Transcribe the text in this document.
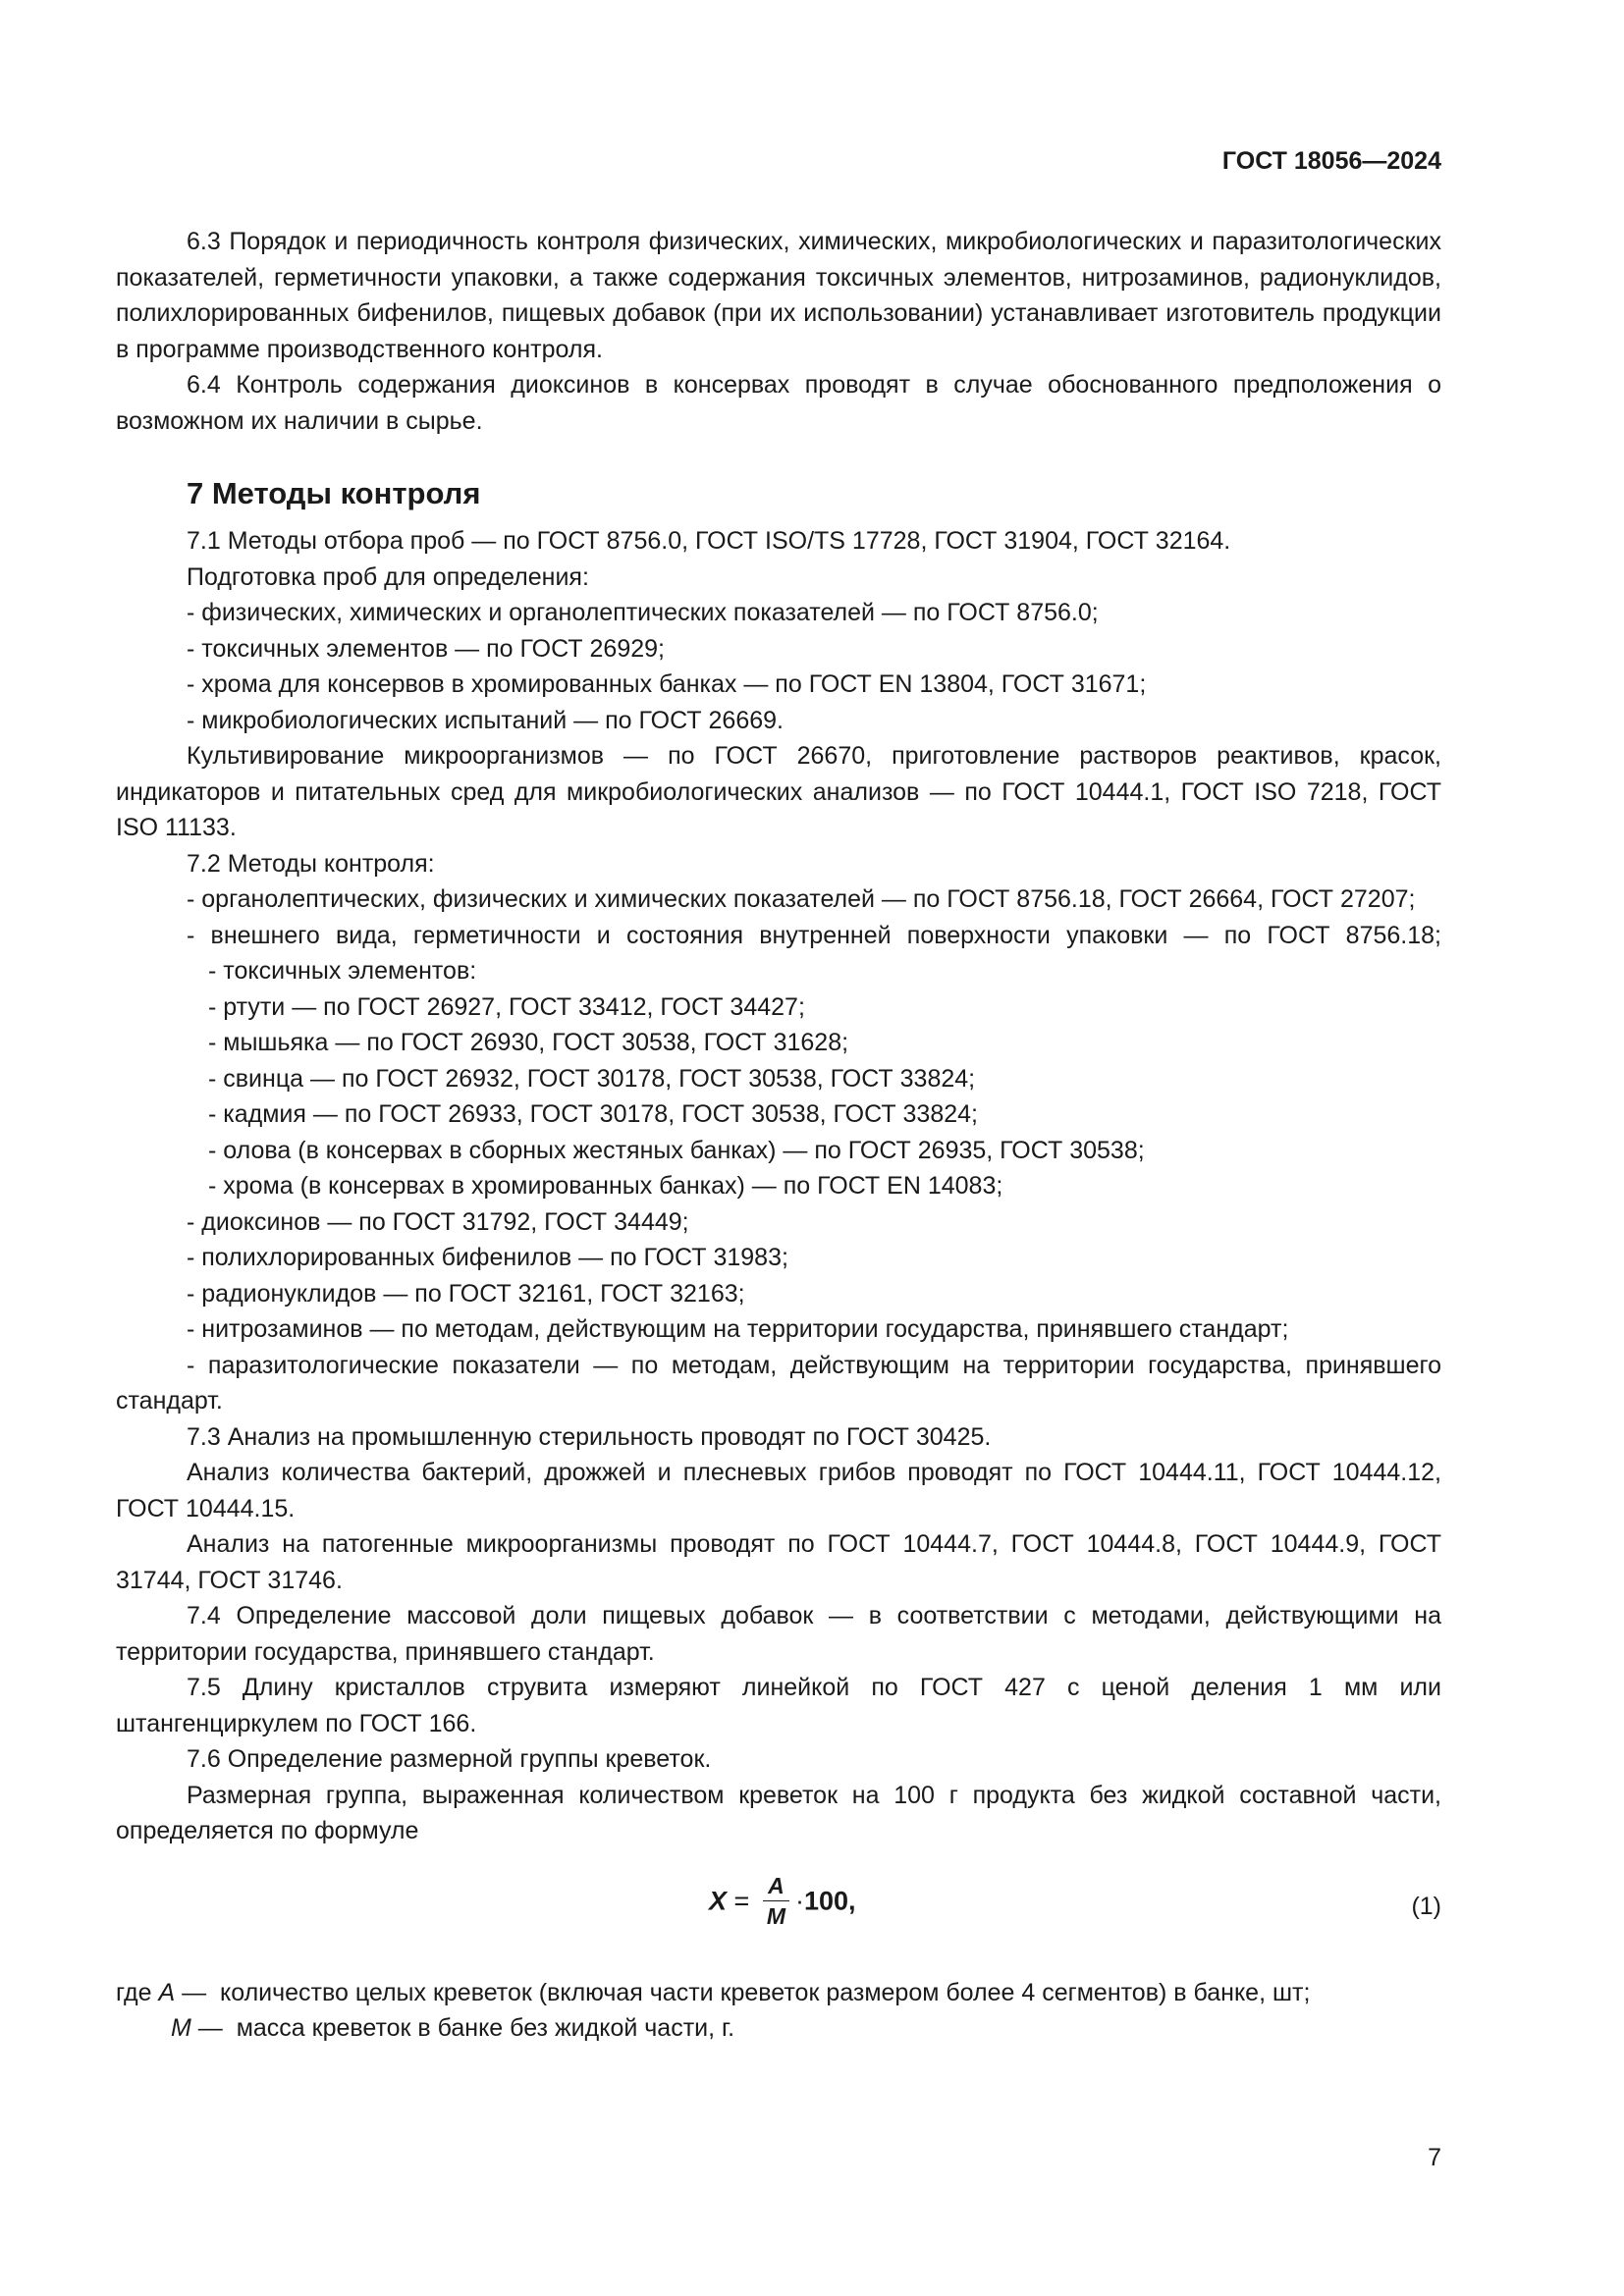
ГОСТ 18056—2024

6.3 Порядок и периодичность контроля физических, химических, микробиологических и паразитологических показателей, герметичности упаковки, а также содержания токсичных элементов, нитрозаминов, радионуклидов, полихлорированных бифенилов, пищевых добавок (при их использовании) устанавливает изготовитель продукции в программе производственного контроля.

6.4 Контроль содержания диоксинов в консервах проводят в случае обоснованного предположения о возможном их наличии в сырье.

7 Методы контроля

7.1 Методы отбора проб — по ГОСТ 8756.0, ГОСТ ISO/TS 17728, ГОСТ 31904, ГОСТ 32164.

Подготовка проб для определения:

- физических, химических и органолептических показателей — по ГОСТ 8756.0;

- токсичных элементов — по ГОСТ 26929;

- хрома для консервов в хромированных банках — по ГОСТ EN 13804, ГОСТ 31671;

- микробиологических испытаний — по ГОСТ 26669.

Культивирование микроорганизмов — по ГОСТ 26670, приготовление растворов реактивов, красок, индикаторов и питательных сред для микробиологических анализов — по ГОСТ 10444.1, ГОСТ ISO 7218, ГОСТ ISO 11133.

7.2 Методы контроля:

- органолептических, физических и химических показателей — по ГОСТ 8756.18, ГОСТ 26664, ГОСТ 27207;

- внешнего вида, герметичности и состояния внутренней поверхности упаковки — по ГОСТ 8756.18;

- токсичных элементов:

- ртути — по ГОСТ 26927, ГОСТ 33412, ГОСТ 34427;

- мышьяка — по ГОСТ 26930, ГОСТ 30538, ГОСТ 31628;

- свинца — по ГОСТ 26932, ГОСТ 30178, ГОСТ 30538, ГОСТ 33824;

- кадмия — по ГОСТ 26933, ГОСТ 30178, ГОСТ 30538, ГОСТ 33824;

- олова (в консервах в сборных жестяных банках) — по ГОСТ 26935, ГОСТ 30538;

- хрома (в консервах в хромированных банках) — по ГОСТ EN 14083;

- диоксинов — по ГОСТ 31792, ГОСТ 34449;

- полихлорированных бифенилов — по ГОСТ 31983;

- радионуклидов — по ГОСТ 32161, ГОСТ 32163;

- нитрозаминов — по методам, действующим на территории государства, принявшего стандарт;

- паразитологические показатели — по методам, действующим на территории государства, принявшего стандарт.

7.3 Анализ на промышленную стерильность проводят по ГОСТ 30425.

Анализ количества бактерий, дрожжей и плесневых грибов проводят по ГОСТ 10444.11, ГОСТ 10444.12, ГОСТ 10444.15.

Анализ на патогенные микроорганизмы проводят по ГОСТ 10444.7, ГОСТ 10444.8, ГОСТ 10444.9, ГОСТ 31744, ГОСТ 31746.

7.4 Определение массовой доли пищевых добавок — в соответствии с методами, действующими на территории государства, принявшего стандарт.

7.5 Длину кристаллов струвита измеряют линейкой по ГОСТ 427 с ценой деления 1 мм или штангенциркулем по ГОСТ 166.

7.6 Определение размерной группы креветок.

Размерная группа, выраженная количеством креветок на 100 г продукта без жидкой составной части, определяется по формуле

$X = \frac{A}{M} \cdot 100$,	(1)
где
A —
количество целых креветок (включая части креветок размером более 4 сегментов) в банке, шт;
M —
масса креветок в банке без жидкой части, г.
7
